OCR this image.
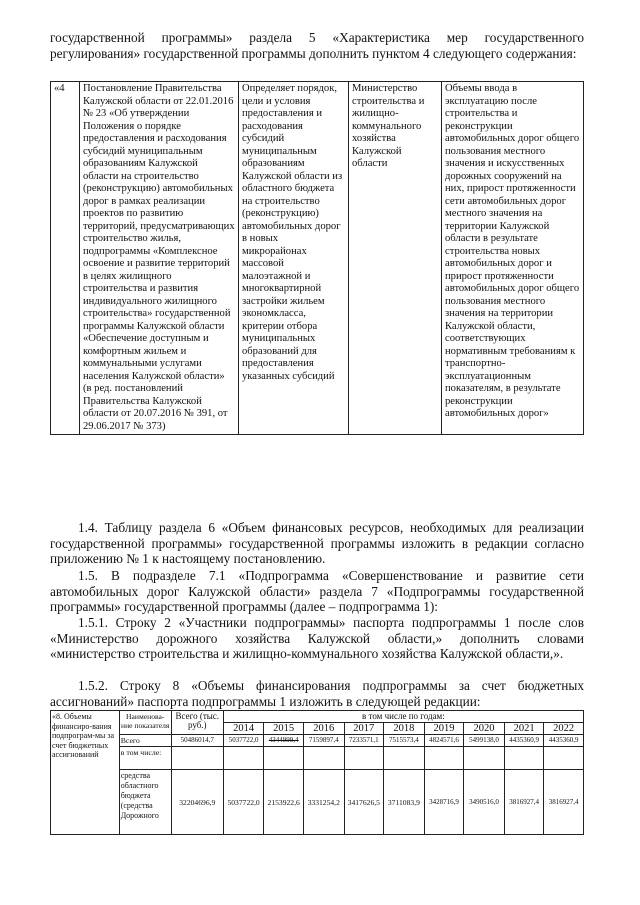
государственной программы» раздела 5 «Характеристика мер государственного регулирования» государственной программы дополнить пунктом 4 следующего содержания:

«4	Постановление Правительства Калужской области от 22.01.2016 № 23 «Об утверждении Положения о порядке предоставления и расходования субсидий муниципальным образованиям Калужской области на строительство (реконструкцию) автомобильных дорог в рамках реализации проектов по развитию территорий, предусматривающих строительство жилья, подпрограммы «Комплексное освоение и развитие территорий в целях жилищного строительства и развития индивидуального жилищного строительства» государственной программы Калужской области «Обеспечение доступным и комфортным жильем и коммунальными услугами населения Калужской области» (в ред. постановлений Правительства Калужской области от 20.07.2016 № 391, от 29.06.2017 № 373)	Определяет порядок, цели и условия предоставления и расходования субсидий муниципальным образованиям Калужской области из областного бюджета на строительство (реконструкцию) автомобильных дорог в новых микрорайонах массовой малоэтажной и многоквартирной застройки жильем экономкласса, критерии отбора муниципальных образований для предоставления указанных субсидий	Министерство строительства и жилищно-коммунального хозяйства Калужской области	Объемы ввода в эксплуатацию после строительства и реконструкции автомобильных дорог общего пользования местного значения и искусственных дорожных сооружений на них, прирост протяженности сети автомобильных дорог местного значения на территории Калужской области в результате строительства новых автомобильных дорог и прирост протяженности автомобильных дорог общего пользования местного значения на территории Калужской области, соответствующих нормативным требованиям к транспортно-эксплуатационным показателям, в результате реконструкции автомобильных дорог»

1.4. Таблицу раздела 6 «Объем финансовых ресурсов, необходимых для реализации государственной программы» государственной программы изложить в редакции согласно приложению № 1 к настоящему постановлению.

1.5. В подразделе 7.1 «Подпрограмма «Совершенствование и развитие сети автомобильных дорог Калужской области» раздела 7 «Подпрограммы государственной программы» государственной программы (далее – подпрограмма 1):

1.5.1. Строку 2 «Участники подпрограммы» паспорта подпрограммы 1 после слов «Министерство дорожного хозяйства Калужской области,» дополнить словами «министерство строительства и жилищно-коммунального хозяйства Калужской области,».

1.5.2. Строку 8 «Объемы финансирования подпрограммы за счет бюджетных ассигнований» паспорта подпрограммы 1 изложить в следующей редакции:

«8. Объемы финансиро-вания подпрограм-мы за счет бюджетных ассигнований	Наименова-ние показателя	Всего (тыс. руб.)	в том числе по годам:								
			2014	2015	2016	2017	2018	2019	2020	2021	2022
	Всего	50486014,7	5037722,0	4344999,4	7159897,4	7233571,1	7515573,4	4824571,6	5499138,0	4435360,9	4435360,9
	в том числе:										
	средства областного бюджета (средства Дорожного	32204696,9	5037722,0	2153922,6	3331254,2	3417626,5	3711083,9	3428716,9	3490516,0	3816927,4	3816927,4
